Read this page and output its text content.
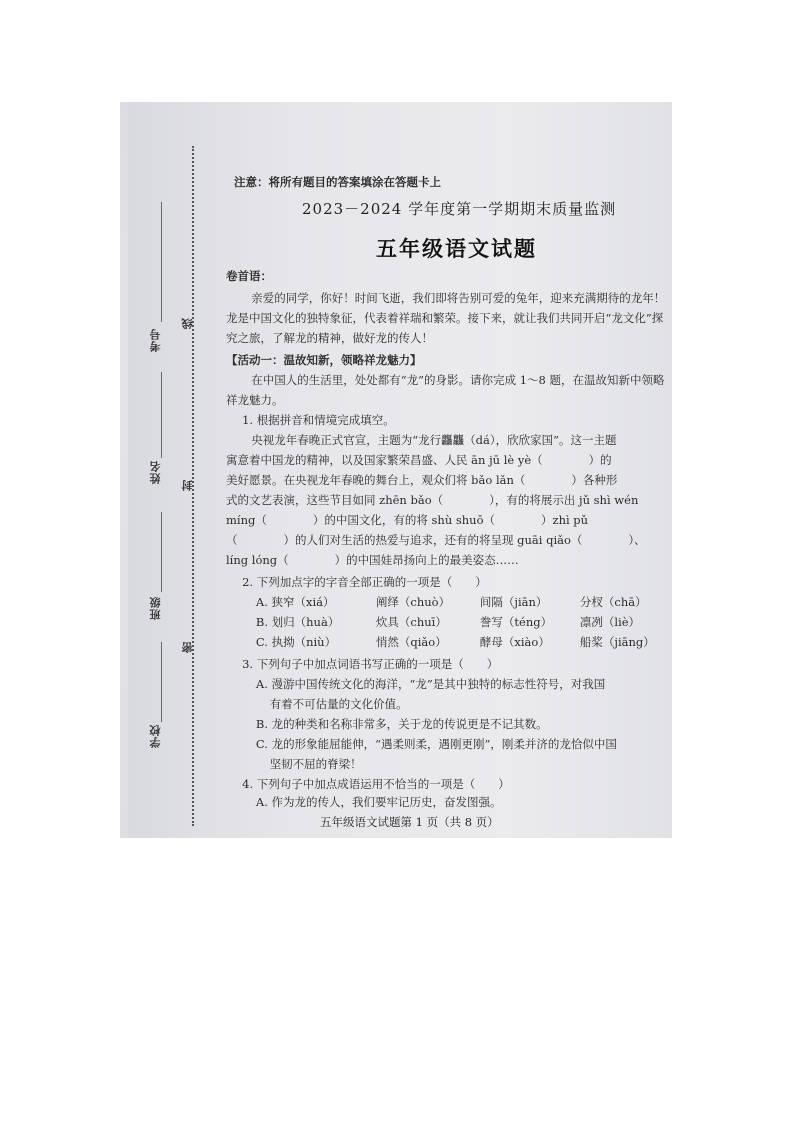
考号
姓名
班级
学校
线
封
密
注意：将所有题目的答案填涂在答题卡上
2023－2024 学年度第一学期期末质量监测
五年级语文试题
卷首语：
亲爱的同学，你好！时间飞逝，我们即将告别可爱的兔年，迎来充满期待的龙年！龙是中国文化的独特象征，代表着祥瑞和繁荣。接下来，就让我们共同开启“龙文化”探究之旅，了解龙的精神，做好龙的传人！
【活动一：温故知新，领略祥龙魅力】
在中国人的生活里，处处都有“龙”的身影。请你完成 1～8 题，在温故知新中领略祥龙魅力。
1. 根据拼音和情境完成填空。
央视龙年春晚正式官宣，主题为“龙行龘龘（dá），欣欣家国”。这一主题
寓意着中国龙的精神，以及国家繁荣昌盛、人民 ān jū lè yè（　　　　）的
美好愿景。在央视龙年春晚的舞台上，观众们将 bǎo lǎn（　　　　）各种形
式的文艺表演，这些节目如同 zhēn bǎo（　　　　），有的将展示出 jǔ shì wén
míng（　　　　）的中国文化，有的将 shù shuō（　　　　）zhì pǔ
（　　　　）的人们对生活的热爱与追求，还有的将呈现 guāi qiǎo（　　　　）、
líng lóng（　　　　）的中国娃昂扬向上的最美姿态……
2. 下列加点字的字音全部正确的一项是（　　）
A. 狭窄（xiá）	阐绎（chuò）	间隔（jiān）	分杈（chā）
B. 划归（huà）	炊具（chuī）	誊写（téng）	凛冽（liè）
C. 执拗（niù）	悄然（qiǎo）	酵母（xiào）	船桨（jiāng）
3. 下列句子中加点词语书写正确的一项是（　　）
A. 漫游中国传统文化的海洋，“龙”是其中独特的标志性符号，对我国
有着不可估量的文化价值。
B. 龙的种类和名称非常多，关于龙的传说更是不记其数。
C. 龙的形象能屈能伸，“遇柔则柔，遇刚更刚”，刚柔并济的龙恰似中国
坚韧不屈的脊梁！
4. 下列句子中加点成语运用不恰当的一项是（　　）
A. 作为龙的传人，我们要牢记历史，奋发图强。
五年级语文试题第 1 页（共 8 页）
